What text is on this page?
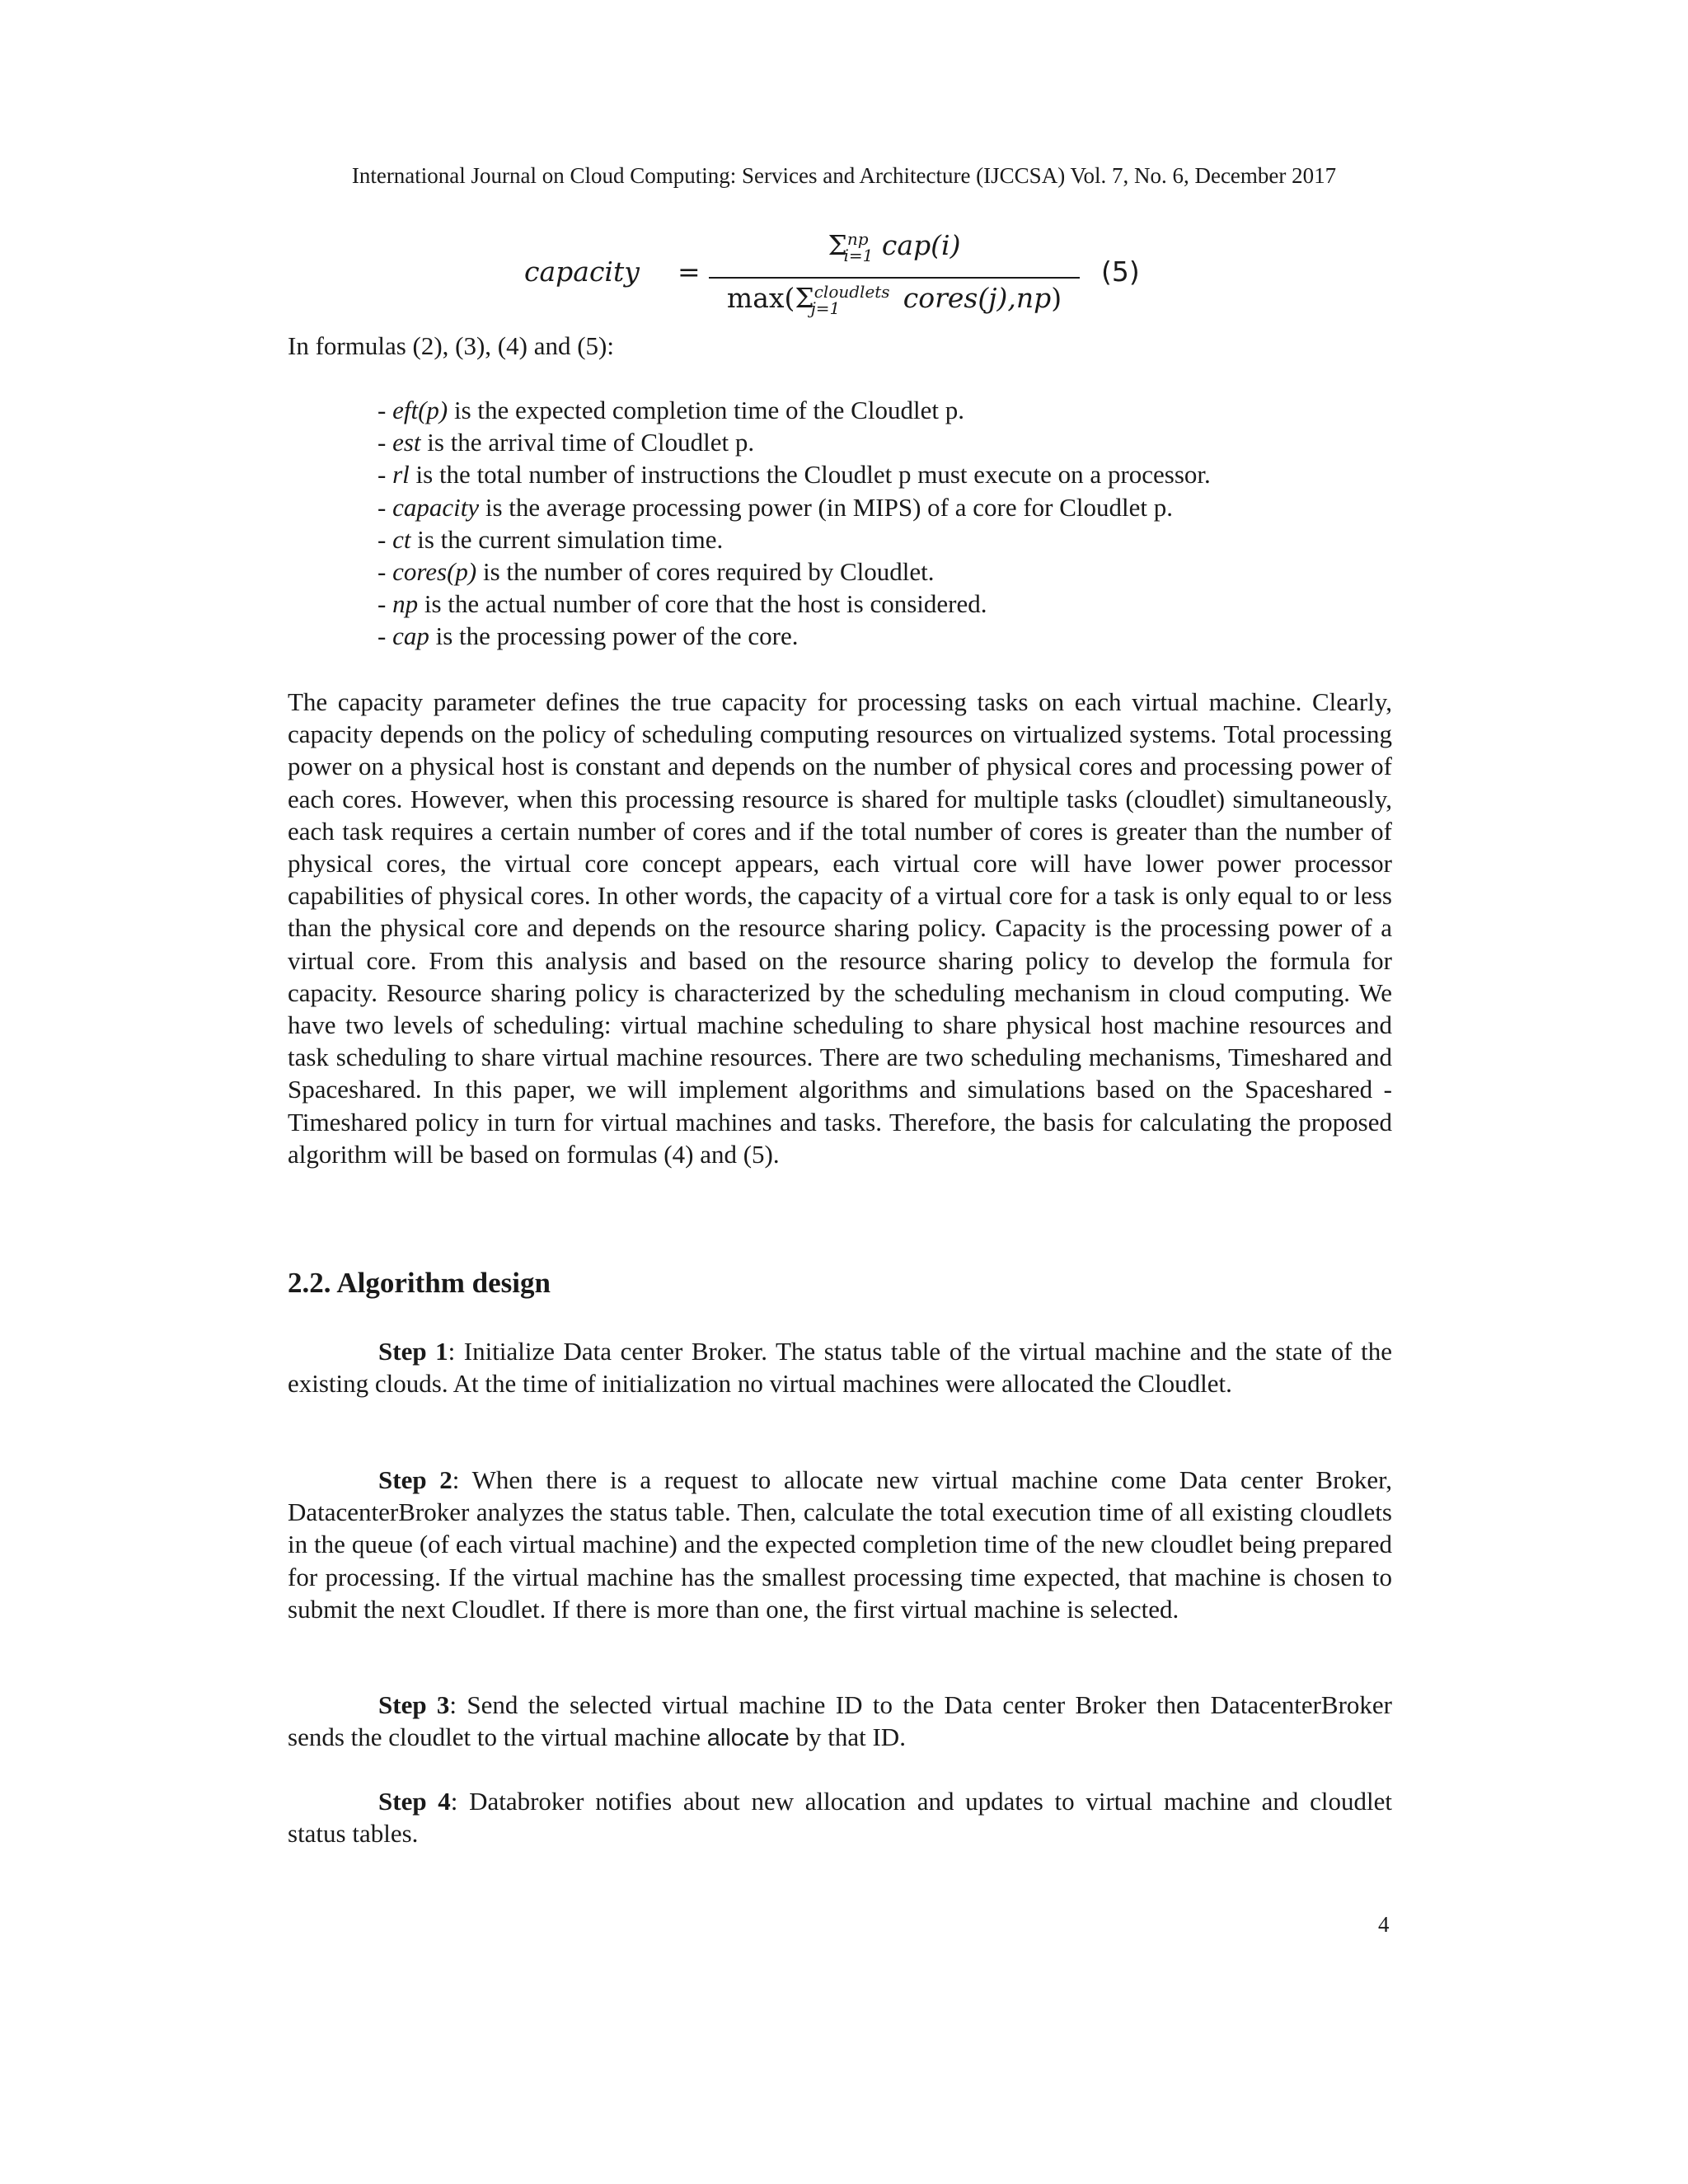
International Journal on Cloud Computing: Services and Architecture (IJCCSA) Vol. 7, No. 6, December 2017
capacity =
$\Sigma^{np}_{i=1}$ cap(i)
$\max(\Sigma^{cloudlets}_{j=1}$ cores(j),np)
(5)
In formulas (2), (3), (4) and (5):
- eft(p) is the expected completion time of the Cloudlet p.
- est is the arrival time of Cloudlet p.
- rl is the total number of instructions the Cloudlet p must execute on a processor.
- capacity is the average processing power (in MIPS) of a core for Cloudlet p.
- ct is the current simulation time.
- cores(p) is the number of cores required by Cloudlet.
- np is the actual number of core that the host is considered.
- cap is the processing power of the core.

The capacity parameter defines the true capacity for processing tasks on each virtual machine. Clearly, capacity depends on the policy of scheduling computing resources on virtualized systems. Total processing power on a physical host is constant and depends on the number of physical cores and processing power of each cores. However, when this processing resource is shared for multiple tasks (cloudlet) simultaneously, each task requires a certain number of cores and if the total number of cores is greater than the number of physical cores, the virtual core concept appears, each virtual core will have lower power processor capabilities of physical cores. In other words, the capacity of a virtual core for a task is only equal to or less than the physical core and depends on the resource sharing policy. Capacity is the processing power of a virtual core. From this analysis and based on the resource sharing policy to develop the formula for capacity. Resource sharing policy is characterized by the scheduling mechanism in cloud computing. We have two levels of scheduling: virtual machine scheduling to share physical host machine resources and task scheduling to share virtual machine resources. There are two scheduling mechanisms, Timeshared and Spaceshared. In this paper, we will implement algorithms and simulations based on the Spaceshared - Timeshared policy in turn for virtual machines and tasks. Therefore, the basis for calculating the proposed algorithm will be based on formulas (4) and (5).

2.2. Algorithm design

Step 1: Initialize Data center Broker. The status table of the virtual machine and the state of the existing clouds. At the time of initialization no virtual machines were allocated the Cloudlet.

Step 2: When there is a request to allocate new virtual machine come Data center Broker, DatacenterBroker analyzes the status table. Then, calculate the total execution time of all existing cloudlets in the queue (of each virtual machine) and the expected completion time of the new cloudlet being prepared for processing. If the virtual machine has the smallest processing time expected, that machine is chosen to submit the next Cloudlet. If there is more than one, the first virtual machine is selected.

Step 3: Send the selected virtual machine ID to the Data center Broker then DatacenterBroker sends the cloudlet to the virtual machine allocate by that ID.

Step 4: Databroker notifies about new allocation and updates to virtual machine and cloudlet status tables.

4
